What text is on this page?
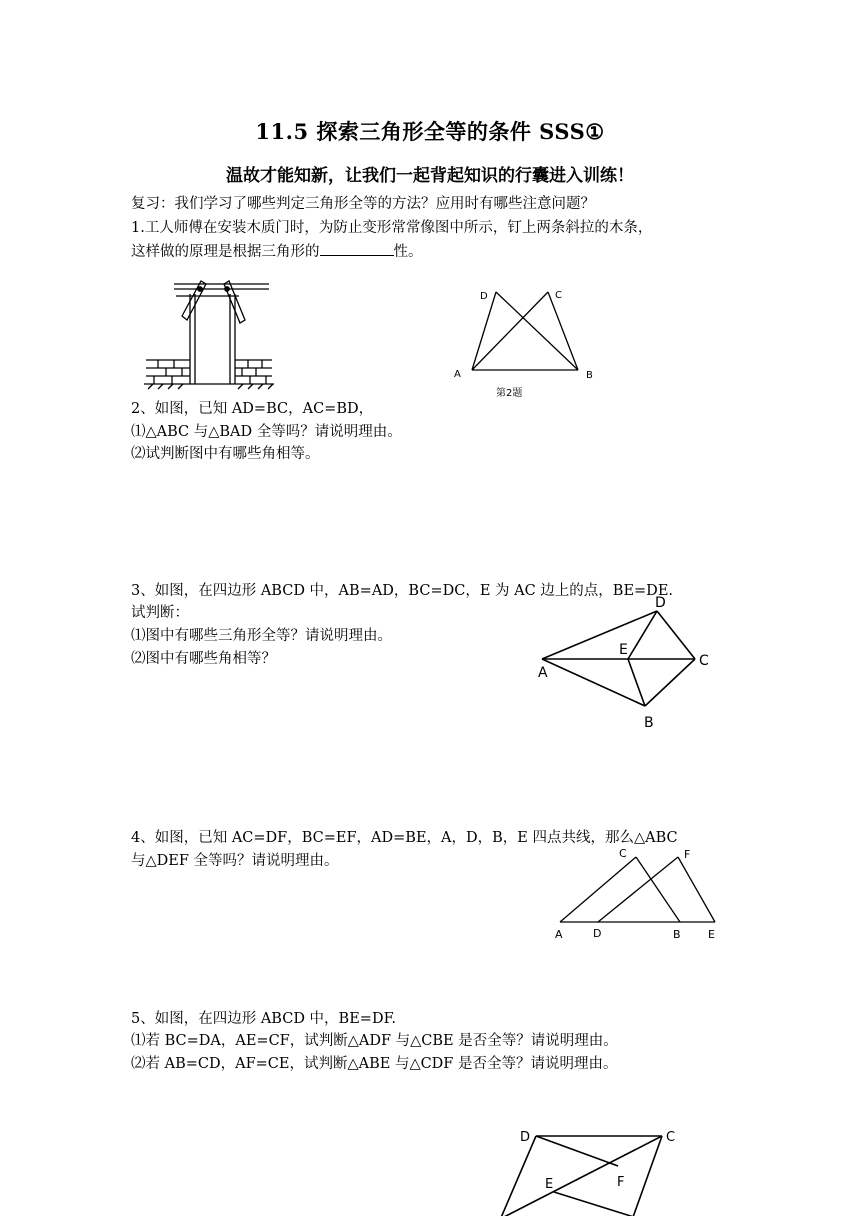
11.5 探索三角形全等的条件 SSS①
温故才能知新，让我们一起背起知识的行囊进入训练！
复习：我们学习了哪些判定三角形全等的方法？应用时有哪些注意问题？
1.工人师傅在安装木质门时，为防止变形常常像图中所示，钉上两条斜拉的木条，
这样做的原理是根据三角形的	性。
D	C
A	B
第2题
2、如图，已知 AD=BC，AC=BD，
⑴△ABC 与△BAD 全等吗？请说明理由。
⑵试判断图中有哪些角相等。
3、如图，在四边形 ABCD 中，AB=AD，BC=DC，E 为 AC 边上的点，BE=DE.
试判断：
⑴图中有哪些三角形全等？请说明理由。
⑵图中有哪些角相等？
D
E
C
A
B
4、如图，已知 AC=DF，BC=EF，AD=BE，A，D，B，E 四点共线，那么△ABC
与△DEF 全等吗？请说明理由。	C	F
A	D	B E
5、如图，在四边形 ABCD 中，BE=DF.
⑴若 BC=DA，AE=CF，试判断△ADF 与△CBE 是否全等？请说明理由。
⑵若 AB=CD，AF=CE，试判断△ABE 与△CDF 是否全等？请说明理由。
D	C
F
E
